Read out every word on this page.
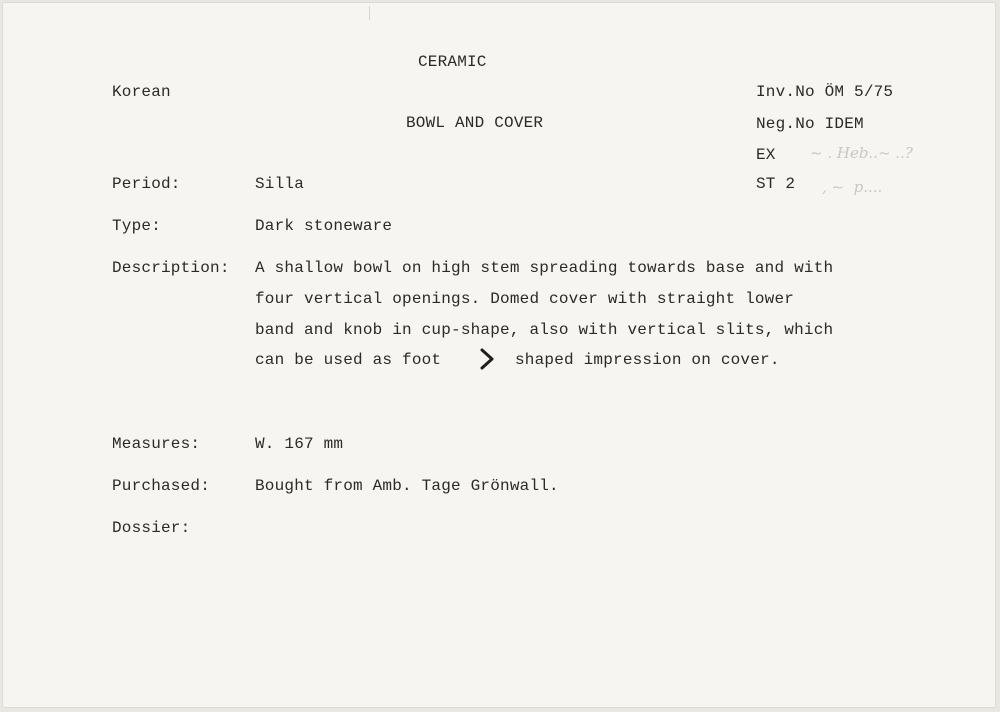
~ . Heb..~ ..?
, ~  p....
CERAMIC
Korean
BOWL AND COVER
Inv.No ÖM 5/75
Neg.No IDEM
EX
ST 2
Period:	Silla
Type:	Dark stoneware
Description: A shallow bowl on high stem spreading towards base and with
four vertical openings. Domed cover with straight lower
band and knob in cup-shape, also with vertical slits, which
can be used as foot	shaped impression on cover.
Measures:	W. 167 mm
Purchased:	Bought from Amb. Tage Grönwall.
Dossier:
